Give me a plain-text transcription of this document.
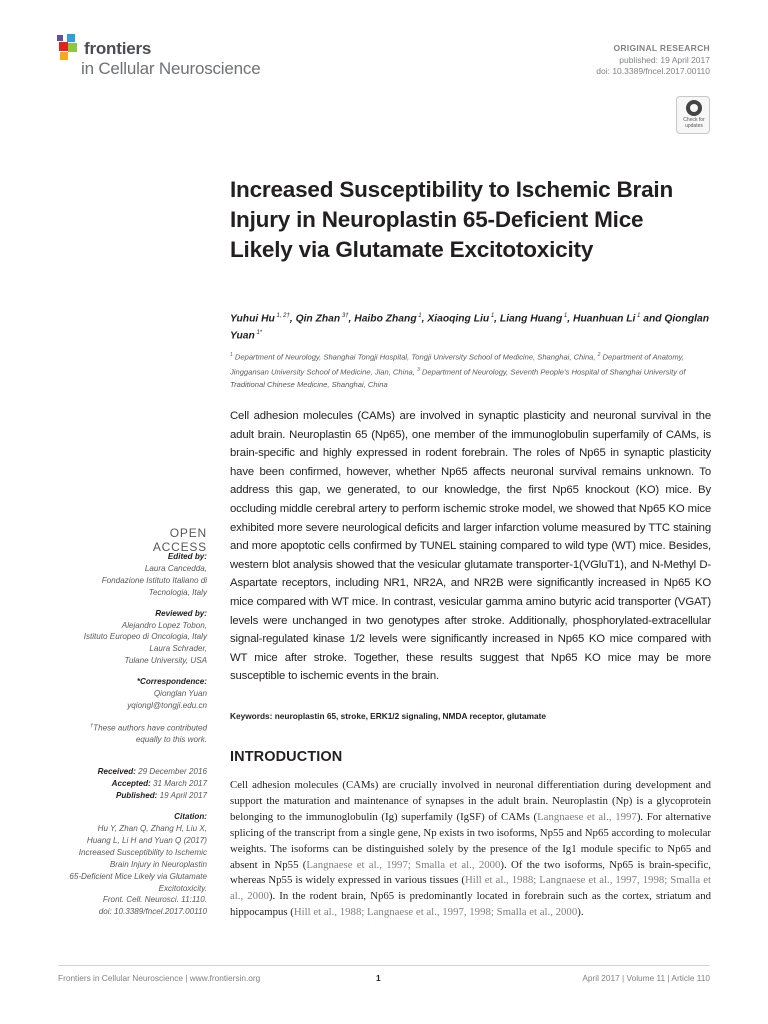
frontiers
in Cellular Neuroscience
ORIGINAL RESEARCH
published: 19 April 2017
doi: 10.3389/fncel.2017.00110
Check for updates
Increased Susceptibility to Ischemic Brain Injury in Neuroplastin 65-Deficient Mice Likely via Glutamate Excitotoxicity
Yuhui Hu $^{1, 2\dagger}$, Qin Zhan $^{3\dagger}$, Haibo Zhang $^1$, Xiaoqing Liu $^1$, Liang Huang $^1$, Huanhuan Li $^1$ and Qionglan Yuan $^{1*}$
$^1$ Department of Neurology, Shanghai Tongji Hospital, Tongji University School of Medicine, Shanghai, China, $^2$ Department of Anatomy, Jinggansan University School of Medicine, Jian, China, $^3$ Department of Neurology, Seventh People’s Hospital of Shanghai University of Traditional Chinese Medicine, Shanghai, China

Cell adhesion molecules (CAMs) are involved in synaptic plasticity and neuronal survival in the adult brain. Neuroplastin 65 (Np65), one member of the immunoglobulin superfamily of CAMs, is brain-specific and highly expressed in rodent forebrain. The roles of Np65 in synaptic plasticity have been confirmed, however, whether Np65 affects neuronal survival remains unknown. To address this gap, we generated, to our knowledge, the first Np65 knockout (KO) mice. By occluding middle cerebral artery to perform ischemic stroke model, we showed that Np65 KO mice exhibited more severe neurological deficits and larger infarction volume measured by TTC staining and more apoptotic cells confirmed by TUNEL staining compared to wild type (WT) mice. Besides, western blot analysis showed that the vesicular glutamate transporter-1(VGluT1), and N-Methyl D-Aspartate receptors, including NR1, NR2A, and NR2B were significantly increased in Np65 KO mice compared with WT mice. In contrast, vesicular gamma amino butyric acid transporter (VGAT) levels were unchanged in two genotypes after stroke. Additionally, phosphorylated-extracellular signal-regulated kinase 1/2 levels were significantly increased in Np65 KO mice compared with WT mice after stroke. Together, these results suggest that Np65 KO mice may be more susceptible to ischemic events in the brain.

Keywords: neuroplastin 65, stroke, ERK1/2 signaling, NMDA receptor, glutamate
INTRODUCTION

Cell adhesion molecules (CAMs) are crucially involved in neuronal differentiation during development and support the maturation and maintenance of synapses in the adult brain. Neuroplastin (Np) is a glycoprotein belonging to the immunoglobulin (Ig) superfamily (IgSF) of CAMs (Langnaese et al., 1997). For alternative splicing of the transcript from a single gene, Np exists in two isoforms, Np55 and Np65 according to molecular weights. The isoforms can be distinguished solely by the presence of the Ig1 module specific to Np65 and absent in Np55 (Langnaese et al., 1997; Smalla et al., 2000). Of the two isoforms, Np65 is brain-specific, whereas Np55 is widely expressed in various tissues (Hill et al., 1988; Langnaese et al., 1997, 1998; Smalla et al., 2000). In the rodent brain, Np65 is predominantly located in forebrain such as the cortex, striatum and hippocampus (Hill et al., 1988; Langnaese et al., 1997, 1998; Smalla et al., 2000).

OPEN ACCESS
Edited by:
Laura Cancedda,
Fondazione Istituto Italiano di
Tecnologia, Italy
Reviewed by:
Alejandro Lopez Tobon,
Istituto Europeo di Oncologia, Italy
Laura Schrader,
Tulane University, USA
*Correspondence:
Qionglan Yuan
yqiongl@tongji.edu.cn
†These authors have contributed
equally to this work.
Received: 29 December 2016
Accepted: 31 March 2017
Published: 19 April 2017
Citation:
Hu Y, Zhan Q, Zhang H, Liu X,
Huang L, Li H and Yuan Q (2017)
Increased Susceptibility to Ischemic
Brain Injury in Neuroplastin
65-Deficient Mice Likely via Glutamate
Excitotoxicity.
Front. Cell. Neurosci. 11:110.
doi: 10.3389/fncel.2017.00110
Frontiers in Cellular Neuroscience | www.frontiersin.org	1	April 2017 | Volume 11 | Article 110
